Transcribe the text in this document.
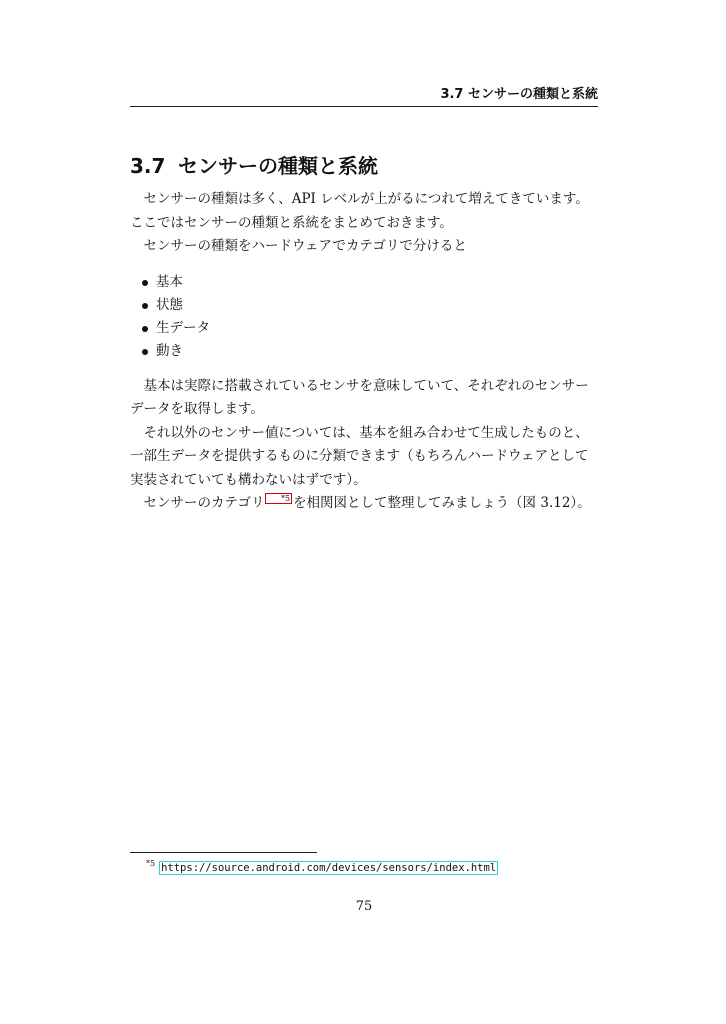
3.7 センサーの種類と系統
3.7 センサーの種類と系統

センサーの種類は多く、API レベルが上がるにつれて増えてきています。ここではセンサーの種類と系統をまとめておきます。

センサーの種類をハードウェアでカテゴリで分けると

基本
状態
生データ
動き

基本は実際に搭載されているセンサを意味していて、それぞれのセンサーデータを取得します。

それ以外のセンサー値については、基本を組み合わせて生成したものと、一部生データを提供するものに分類できます（もちろんハードウェアとして実装されていても構わないはずです）。

センサーのカテゴリ *5 を相関図として整理してみましょう（図 3.12）。

$^{*5}$ https://source.android.com/devices/sensors/index.html
75
